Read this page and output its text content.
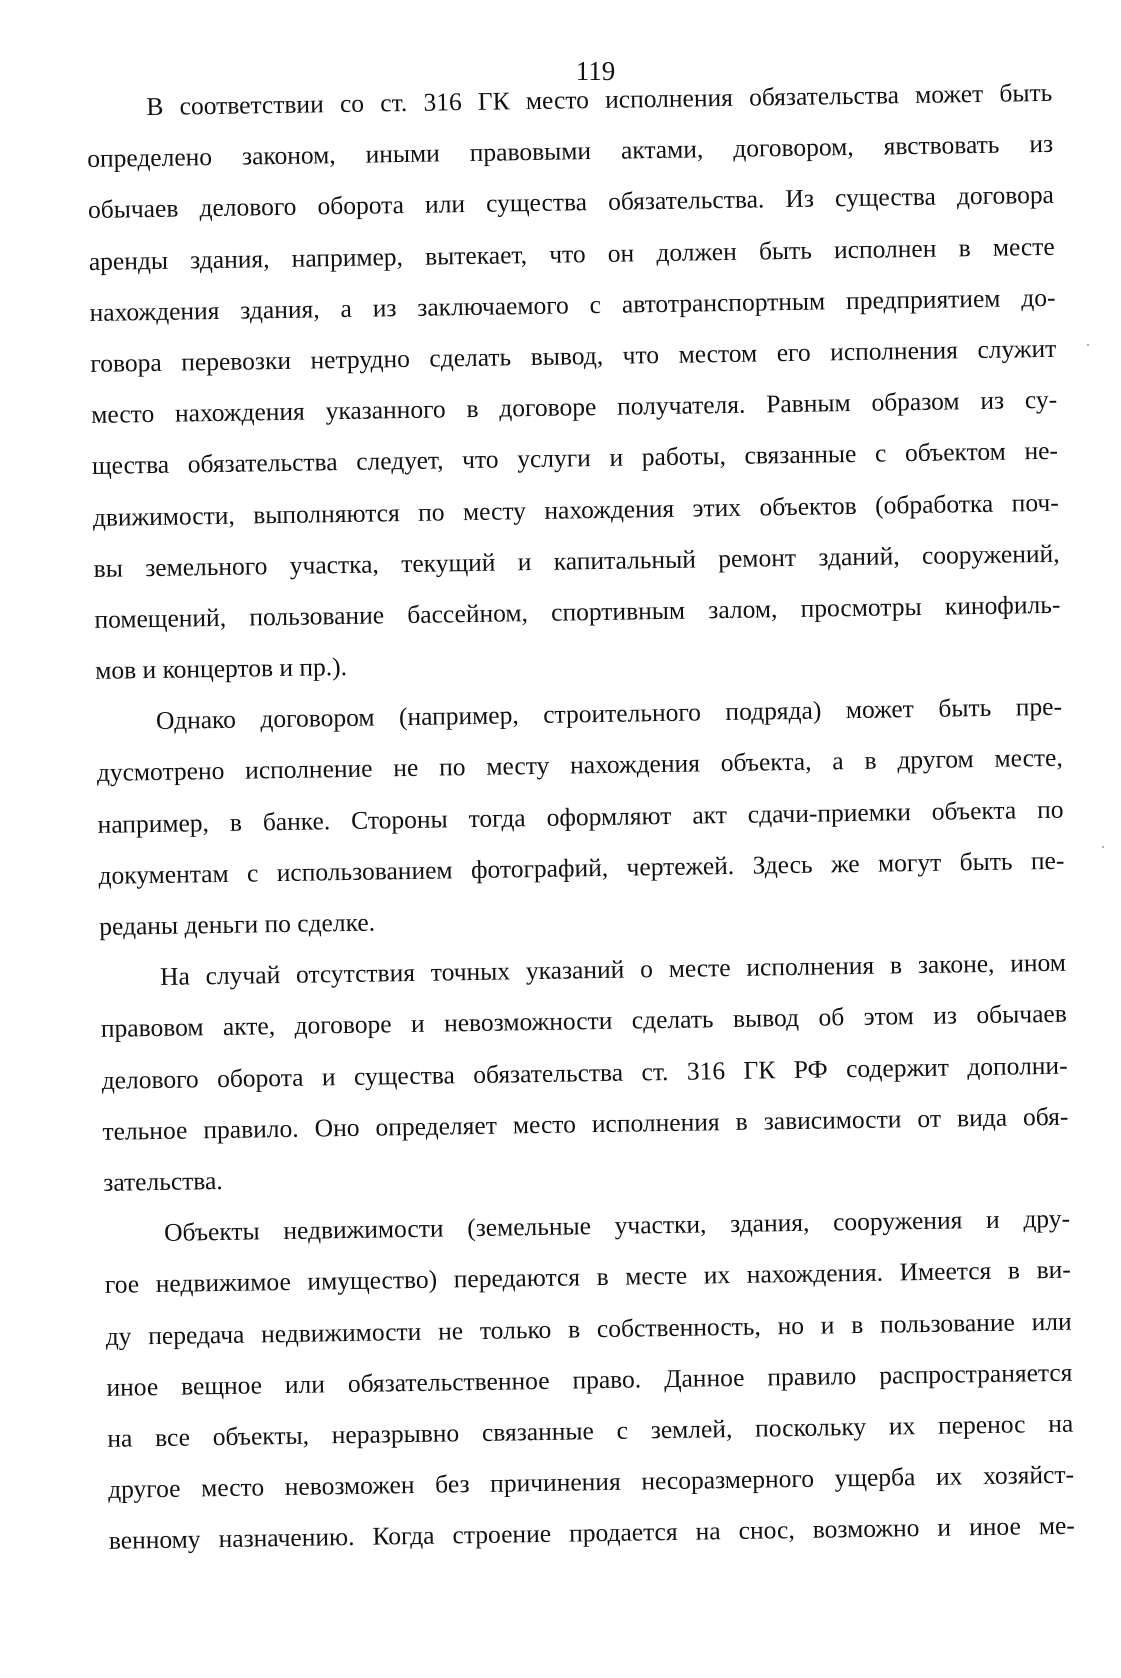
119
В соответствии со ст. 316 ГК место исполнения обязательства может быть
определено законом, иными правовыми актами, договором, явствовать из
обычаев делового оборота или существа обязательства. Из существа договора
аренды здания, например, вытекает, что он должен быть исполнен в месте
нахождения здания, а из заключаемого с автотранспортным предприятием до-
говора перевозки нетрудно сделать вывод, что местом его исполнения служит
место нахождения указанного в договоре получателя. Равным образом из су-
щества обязательства следует, что услуги и работы, связанные с объектом не-
движимости, выполняются по месту нахождения этих объектов (обработка поч-
вы земельного участка, текущий и капитальный ремонт зданий, сооружений,
помещений, пользование бассейном, спортивным залом, просмотры кинофиль-
мов и концертов и пр.).
Однако договором (например, строительного подряда) может быть пре-
дусмотрено исполнение не по месту нахождения объекта, а в другом месте,
например, в банке. Стороны тогда оформляют акт сдачи-приемки объекта по
документам с использованием фотографий, чертежей. Здесь же могут быть пе-
реданы деньги по сделке.
На случай отсутствия точных указаний о месте исполнения в законе, ином
правовом акте, договоре и невозможности сделать вывод об этом из обычаев
делового оборота и существа обязательства ст. 316 ГК РФ содержит дополни-
тельное правило. Оно определяет место исполнения в зависимости от вида обя-
зательства.
Объекты недвижимости (земельные участки, здания, сооружения и дру-
гое недвижимое имущество) передаются в месте их нахождения. Имеется в ви-
ду передача недвижимости не только в собственность, но и в пользование или
иное вещное или обязательственное право. Данное правило распространяется
на все объекты, неразрывно связанные с землей, поскольку их перенос на
другое место невозможен без причинения несоразмерного ущерба их хозяйст-
венному назначению. Когда строение продается на снос, возможно и иное ме-
